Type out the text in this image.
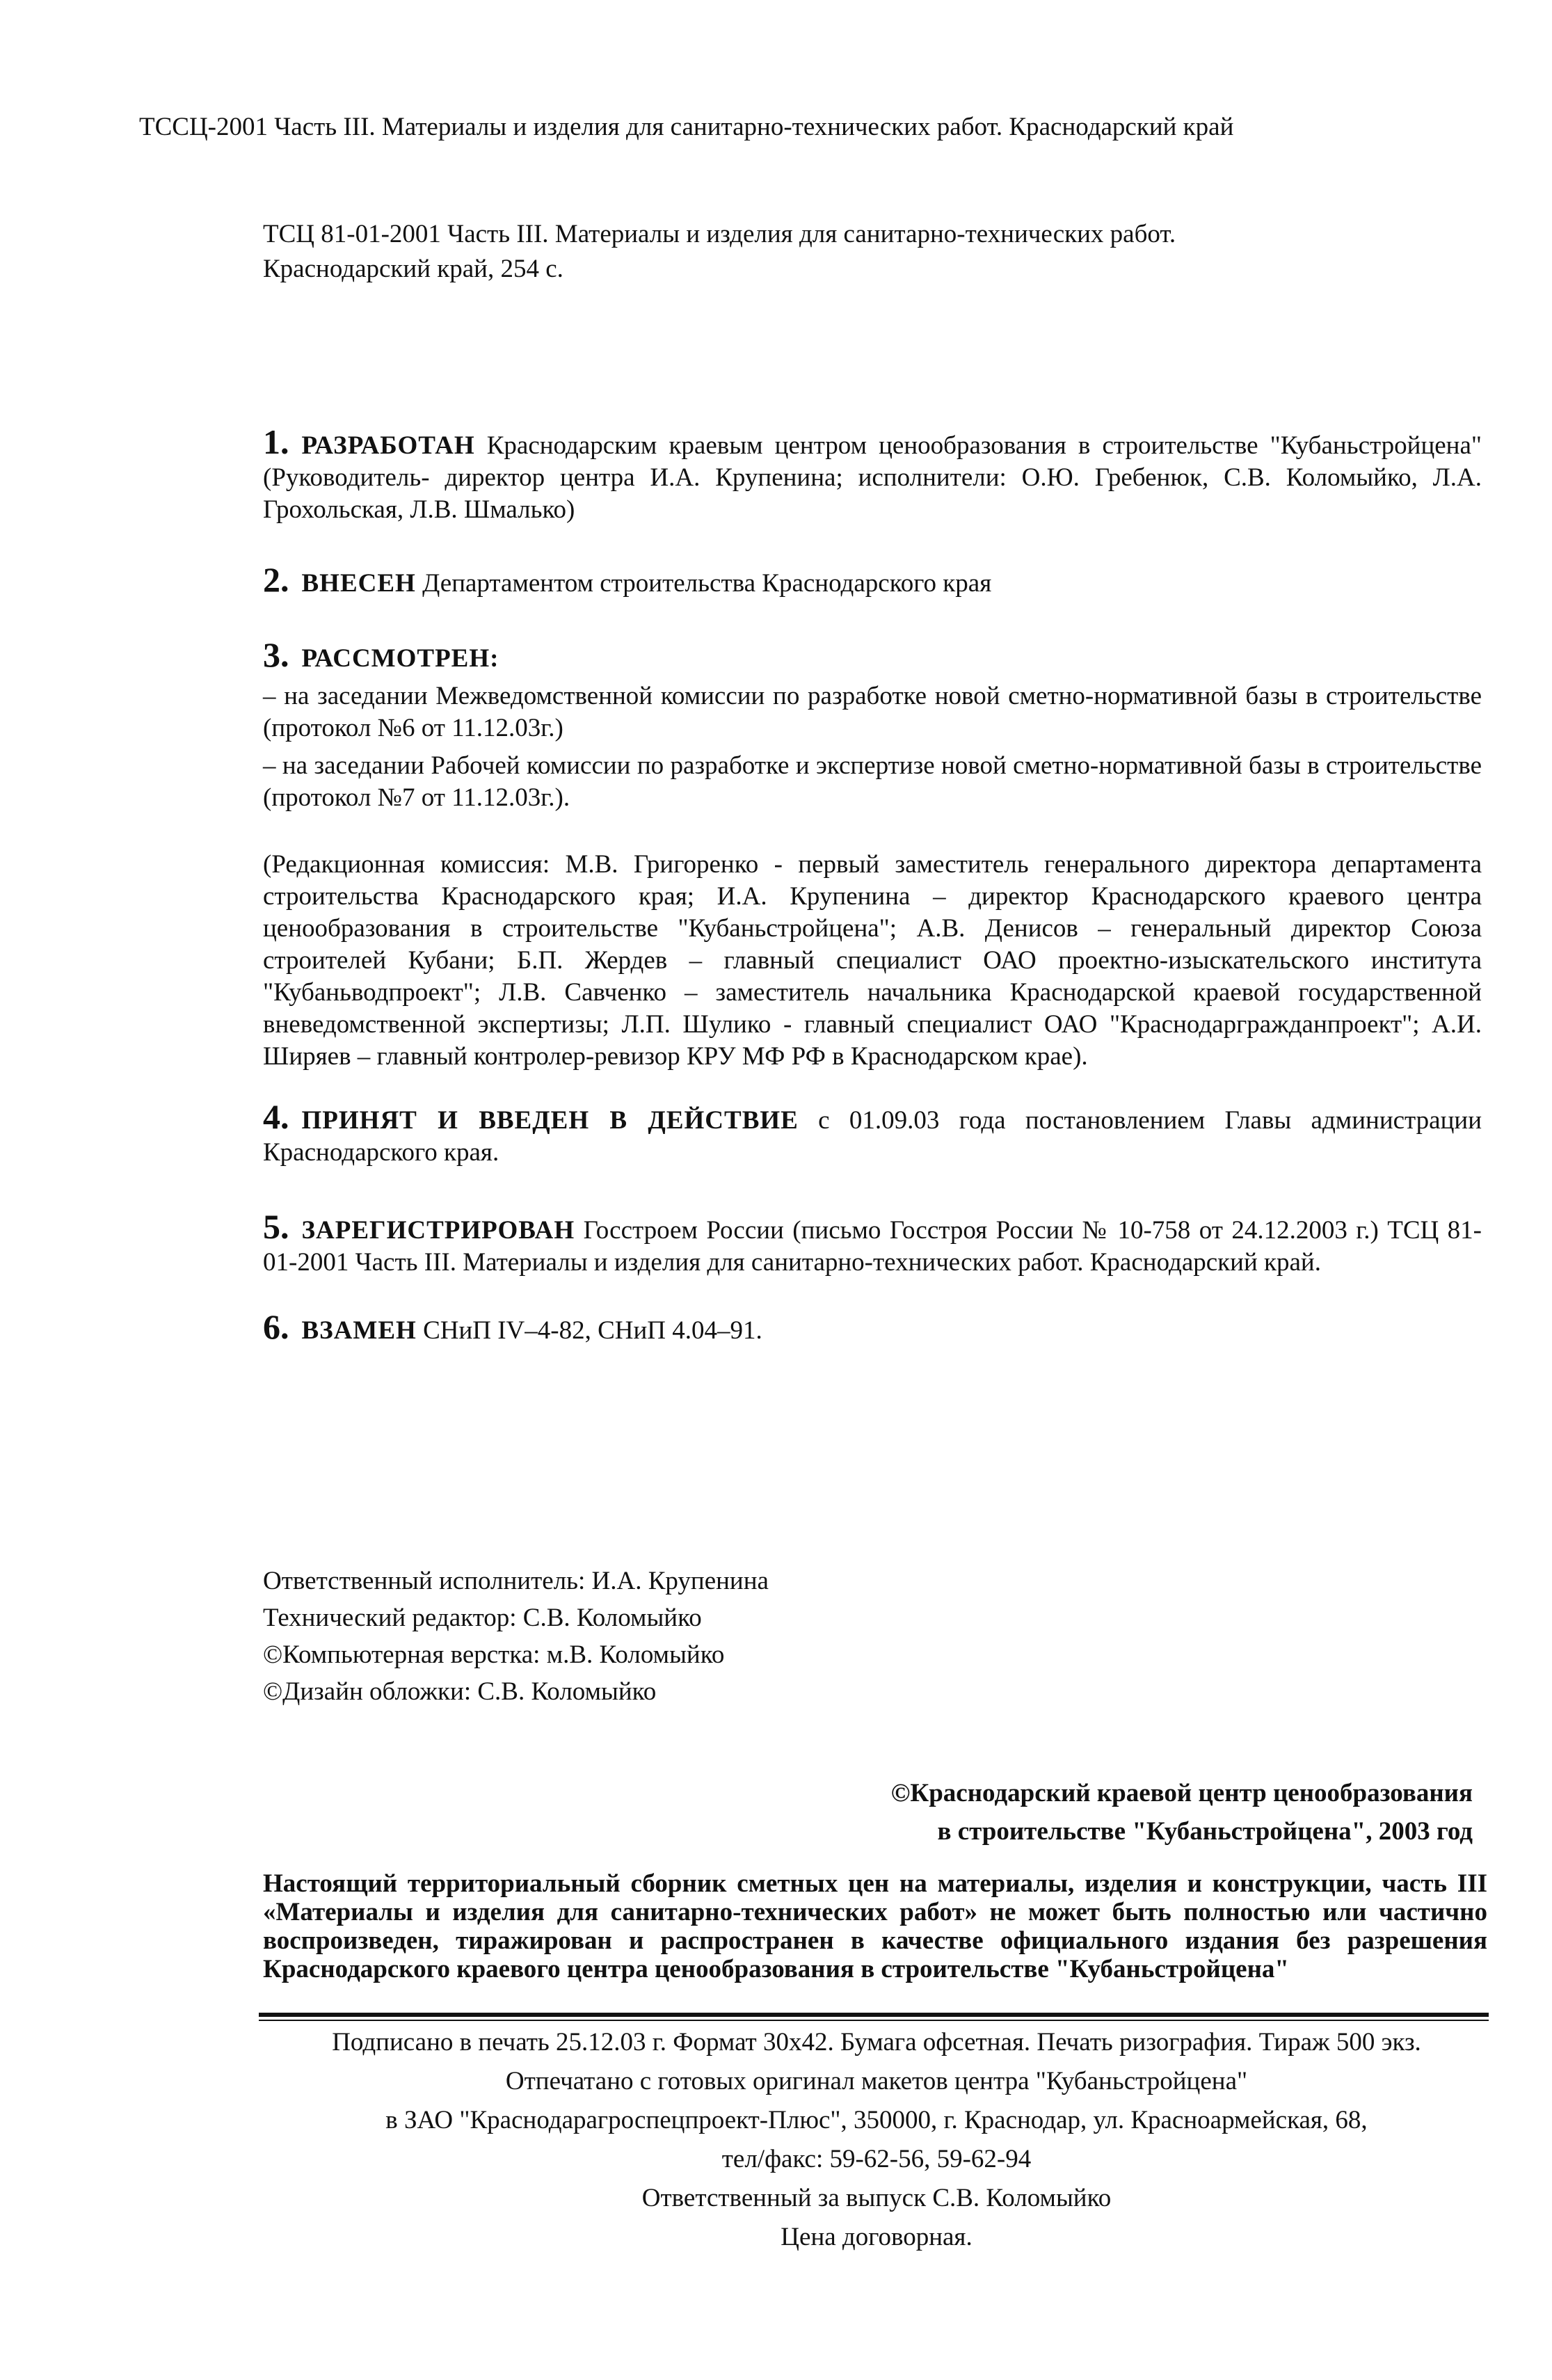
ТССЦ-2001 Часть III. Материалы и изделия для санитарно-технических работ. Краснодарский край
ТСЦ 81-01-2001 Часть III. Материалы и изделия для санитарно-технических работ.
Краснодарский край, 254 с.
1. РАЗРАБОТАН Краснодарским краевым центром ценообразования в строительстве "Кубаньстройцена" (Руководитель- директор центра И.А. Крупенина; исполнители: О.Ю. Гребенюк, С.В. Коломыйко, Л.А. Грохольская, Л.В. Шмалько)
2. ВНЕСЕН Департаментом строительства Краснодарского края
3. РАССМОТРЕН:
– на заседании Межведомственной комиссии по разработке новой сметно-нормативной базы в строительстве (протокол №6 от 11.12.03г.)
– на заседании Рабочей комиссии по разработке и экспертизе новой сметно-нормативной базы в строительстве (протокол №7 от 11.12.03г.).
(Редакционная комиссия: М.В. Григоренко - первый заместитель генерального директора департамента строительства Краснодарского края; И.А. Крупенина – директор Краснодарского краевого центра ценообразования в строительстве "Кубаньстройцена"; А.В. Денисов – генеральный директор Союза строителей Кубани; Б.П. Жердев – главный специалист ОАО проектно-изыскательского института "Кубаньводпроект"; Л.В. Савченко – заместитель начальника Краснодарской краевой государственной вневедомственной экспертизы; Л.П. Шулико - главный специалист ОАО "Краснодаргражданпроект"; А.И. Ширяев – главный контролер-ревизор КРУ МФ РФ в Краснодарском крае).
4. ПРИНЯТ И ВВЕДЕН В ДЕЙСТВИЕ с 01.09.03 года постановлением Главы администрации Краснодарского края.
5. ЗАРЕГИСТРИРОВАН Госстроем России (письмо Госстроя России № 10-758 от 24.12.2003 г.) ТСЦ 81-01-2001 Часть III. Материалы и изделия для санитарно-технических работ. Краснодарский край.
6. ВЗАМЕН СНиП IV–4-82, СНиП 4.04–91.
Ответственный исполнитель: И.А. Крупенина
Технический редактор: С.В. Коломыйко
©Компьютерная верстка: м.В. Коломыйко
©Дизайн обложки: С.В. Коломыйко
©Краснодарский краевой центр ценообразования
в строительстве "Кубаньстройцена", 2003 год
Настоящий территориальный сборник сметных цен на материалы, изделия и конструкции, часть III «Материалы и изделия для санитарно-технических работ» не может быть полностью или частично воспроизведен, тиражирован и распространен в качестве официального издания без разрешения Краснодарского краевого центра ценообразования в строительстве "Кубаньстройцена"
Подписано в печать 25.12.03 г. Формат 30х42. Бумага офсетная. Печать ризография. Тираж 500 экз.
Отпечатано с готовых оригинал макетов центра "Кубаньстройцена"
в ЗАО "Краснодарагроспецпроект-Плюс", 350000, г. Краснодар, ул. Красноармейская, 68,
тел/факс: 59-62-56, 59-62-94
Ответственный за выпуск С.В. Коломыйко
Цена договорная.
